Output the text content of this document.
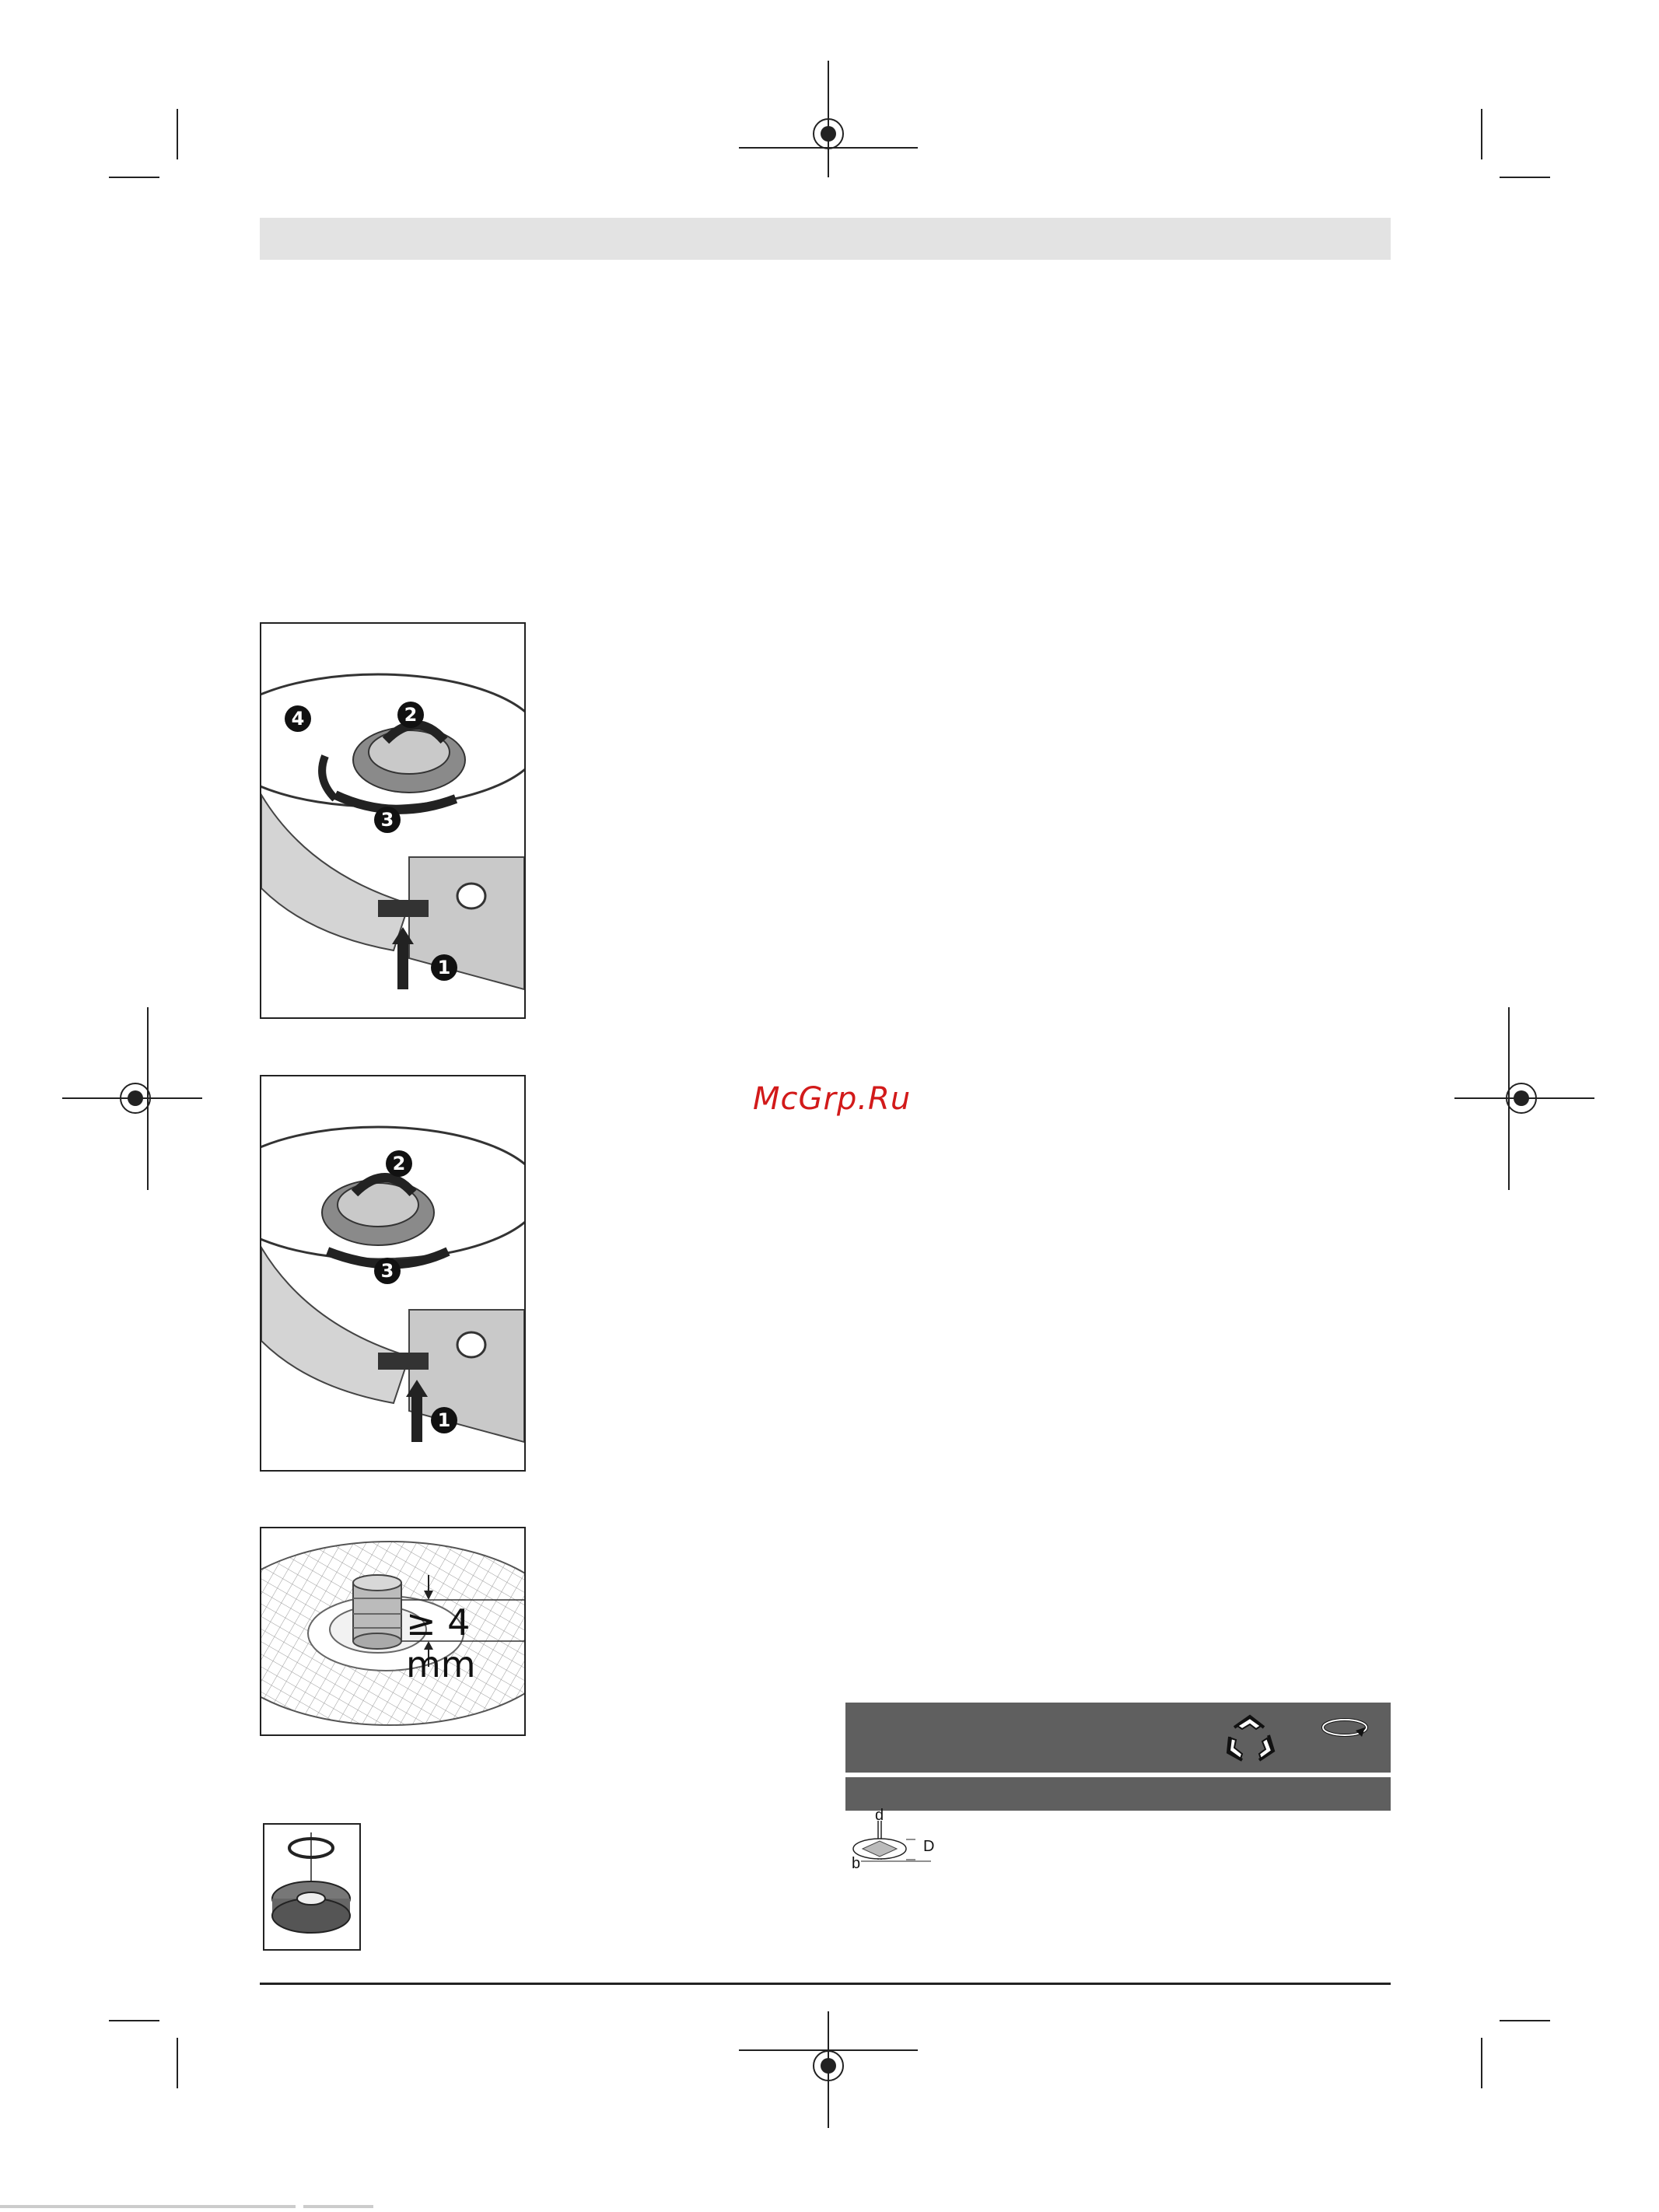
4	2
3
1
2
3
1
≥ 4 mm
McGrp.Ru
d
D
b
